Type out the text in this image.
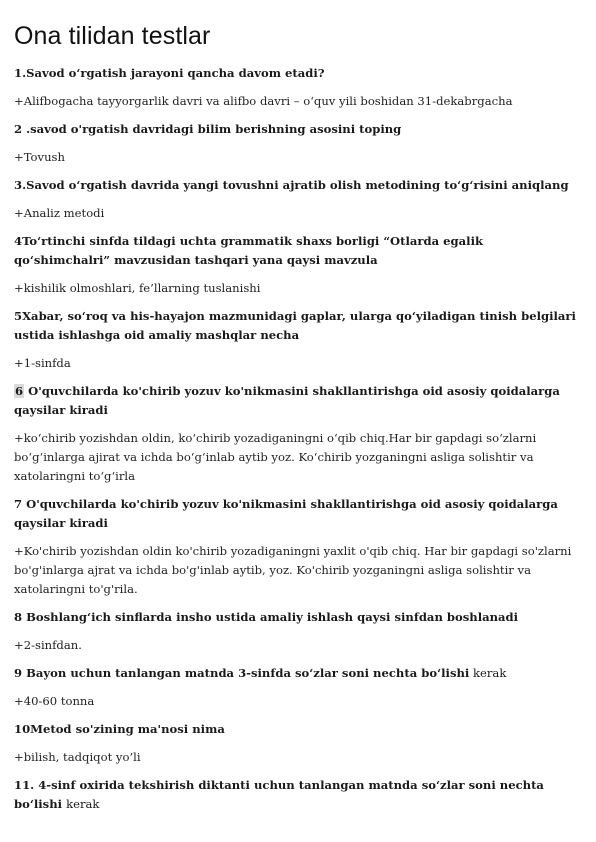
Ona tilidan testlar

1.Savod o‘rgatish jarayoni qancha davom etadi?

+Alifbogacha tayyorgarlik davri va alifbo davri – o‘quv yili boshidan 31-dekabrgacha

2 .savod o'rgatish davridagi bilim berishning asosini toping

+Tovush

3.Savod o‘rgatish davrida yangi tovushni ajratib olish metodining to‘g‘risini aniqlang

+Analiz metodi

4To‘rtinchi sinfda tildagi uchta grammatik shaxs borligi “Otlarda egalik qo‘shimchalri” mavzusidan tashqari yana qaysi mavzula

+kishilik olmoshlari, fe’llarning tuslanishi

5Xabar, so‘roq va his-hayajon mazmunidagi gaplar, ularga qo‘yiladigan tinish belgilari ustida ishlashga oid amaliy mashqlar necha

+1-sinfda

6 O'quvchilarda ko'chirib yozuv ko'nikmasini shakllantirishga oid asosiy qoidalarga qaysilar kiradi

+ko‘chirib yozishdan oldin, ko‘chirib yozadiganingni o‘qib chiq.Har bir gapdagi so‘zlarni bo‘g‘inlarga ajirat va ichda bo‘g‘inlab aytib yoz. Ko‘chirib yozganingni asliga solishtir va xatolaringni to‘g‘irla

7 O'quvchilarda ko'chirib yozuv ko'nikmasini shakllantirishga oid asosiy qoidalarga qaysilar kiradi

+Ko'chirib yozishdan oldin ko'chirib yozadiganingni yaxlit o'qib chiq. Har bir gapdagi so'zlarni bo'g'inlarga ajrat va ichda bo'g'inlab aytib, yoz. Ko'chirib yozganingni asliga solishtir va xatolaringni to'g'rila.

8 Boshlang‘ich sinflarda insho ustida amaliy ishlash qaysi sinfdan boshlanadi

+2-sinfdan.

9 Bayon uchun tanlangan matnda 3-sinfda so‘zlar soni nechta bo‘lishi kerak

+40-60 tonna

10Metod so'zining ma'nosi nima

+bilish, tadqiqot yo’li

11. 4-sinf oxirida tekshirish diktanti uchun tanlangan matnda so‘zlar soni nechta bo‘lishi kerak
